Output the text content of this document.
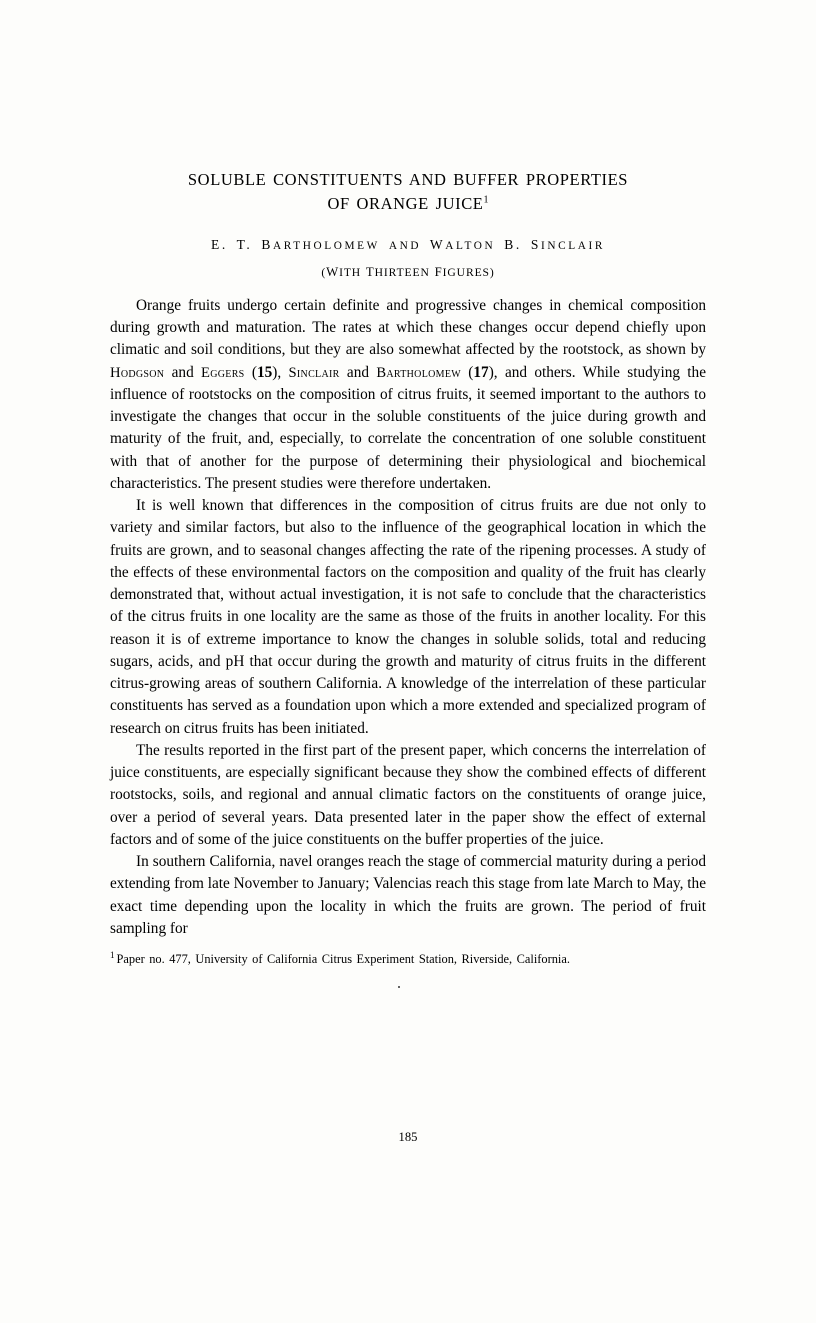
SOLUBLE CONSTITUENTS AND BUFFER PROPERTIES
OF ORANGE JUICE$^1$
E. T. BARTHOLOMEW AND WALTON B. SINCLAIR
(WITH THIRTEEN FIGURES)

Orange fruits undergo certain definite and progressive changes in chemical composition during growth and maturation. The rates at which these changes occur depend chiefly upon climatic and soil conditions, but they are also somewhat affected by the rootstock, as shown by Hodgson and Eggers (15), Sinclair and Bartholomew (17), and others. While studying the influence of rootstocks on the composition of citrus fruits, it seemed important to the authors to investigate the changes that occur in the soluble constituents of the juice during growth and maturity of the fruit, and, especially, to correlate the concentration of one soluble constituent with that of another for the purpose of determining their physiological and biochemical characteristics. The present studies were therefore undertaken.

It is well known that differences in the composition of citrus fruits are due not only to variety and similar factors, but also to the influence of the geographical location in which the fruits are grown, and to seasonal changes affecting the rate of the ripening processes. A study of the effects of these environmental factors on the composition and quality of the fruit has clearly demonstrated that, without actual investigation, it is not safe to conclude that the characteristics of the citrus fruits in one locality are the same as those of the fruits in another locality. For this reason it is of extreme importance to know the changes in soluble solids, total and reducing sugars, acids, and pH that occur during the growth and maturity of citrus fruits in the different citrus-growing areas of southern California. A knowledge of the interrelation of these particular constituents has served as a foundation upon which a more extended and specialized program of research on citrus fruits has been initiated.

The results reported in the first part of the present paper, which concerns the interrelation of juice constituents, are especially significant because they show the combined effects of different rootstocks, soils, and regional and annual climatic factors on the constituents of orange juice, over a period of several years. Data presented later in the paper show the effect of external factors and of some of the juice constituents on the buffer properties of the juice.

In southern California, navel oranges reach the stage of commercial maturity during a period extending from late November to January; Valencias reach this stage from late March to May, the exact time depending upon the locality in which the fruits are grown. The period of fruit sampling for

$^1$ Paper no. 477, University of California Citrus Experiment Station, Riverside, California.
185
